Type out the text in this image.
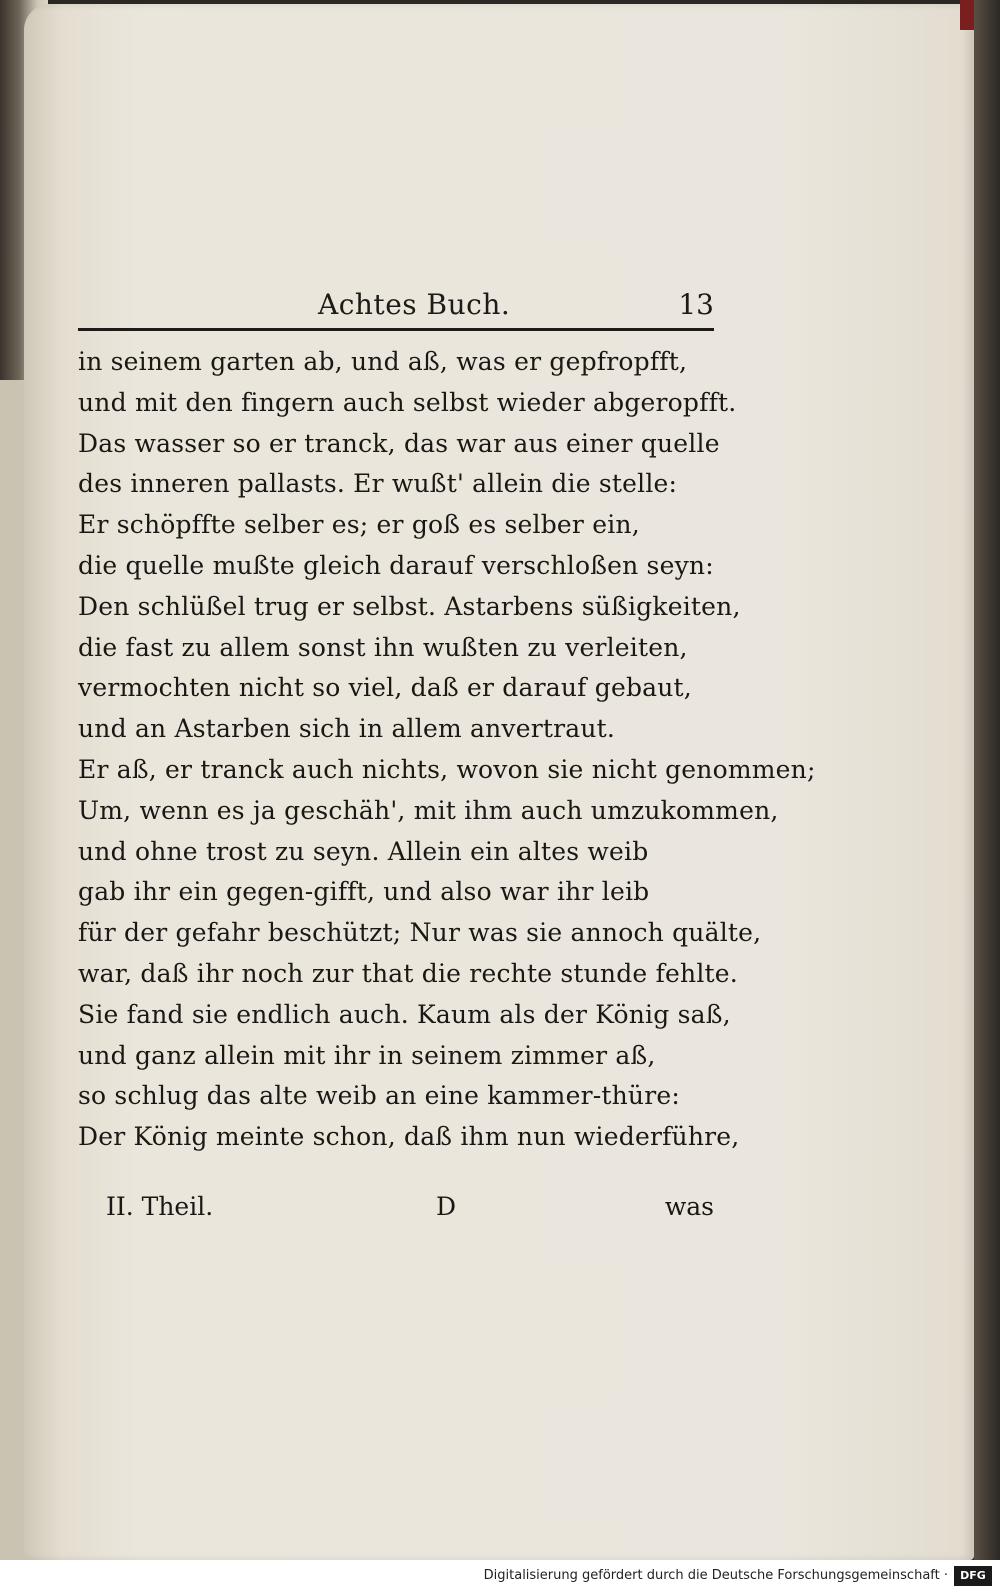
Achtes Buch.	13
in seinem garten ab, und aß, was er gepfropfft,
und mit den fingern auch selbst wieder abgeropfft.
Das wasser so er tranck, das war aus einer quelle
des inneren pallasts. Er wußt' allein die stelle:
Er schöpffte selber es; er goß es selber ein,
die quelle mußte gleich darauf verschloßen seyn:
Den schlüßel trug er selbst. Astarbens süßigkeiten,
die fast zu allem sonst ihn wußten zu verleiten,
vermochten nicht so viel, daß er darauf gebaut,
und an Astarben sich in allem anvertraut.
Er aß, er tranck auch nichts, wovon sie nicht genommen;
Um, wenn es ja geschäh', mit ihm auch umzukommen,
und ohne trost zu seyn. Allein ein altes weib
gab ihr ein gegen-gifft, und also war ihr leib
für der gefahr beschützt; Nur was sie annoch quälte,
war, daß ihr noch zur that die rechte stunde fehlte.
Sie fand sie endlich auch. Kaum als der König saß,
und ganz allein mit ihr in seinem zimmer aß,
so schlug das alte weib an eine kammer-thüre:
Der König meinte schon, daß ihm nun wiederführe,
II. Theil.	D	was
Digitalisierung gefördert durch die Deutsche Forschungsgemeinschaft ·	DFG
